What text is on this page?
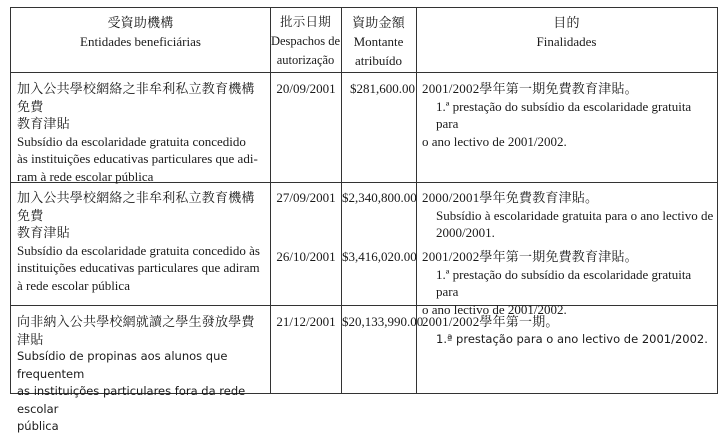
受資助機構
Entidades beneficiárias
批示日期
Despachos de
autorização
資助金額
Montante
atribuído
目的
Finalidades
加入公共學校網絡之非牟利私立教育機構免費
教育津貼
Subsídio da escolaridade gratuita concedido
às instituições educativas particulares que adi-
ram à rede escolar pública
20/09/2001	$281,600.00 2001/2002學年第一期免費教育津貼。
1.ª prestação do subsídio da escolaridade gratuita para
o ano lectivo de 2001/2002.
加入公共學校網絡之非牟利私立教育機構免費
教育津貼
Subsídio da escolaridade gratuita concedido às
instituições educativas particulares que adiram
à rede escolar pública
27/09/2001 $2,340,800.00 2000/2001學年免費教育津貼。
Subsídio à escolaridade gratuita para o ano lectivo de
2000/2001.
26/10/2001 $3,416,020.00 2001/2002學年第一期免費教育津貼。
1.ª prestação do subsídio da escolaridade gratuita para
o ano lectivo de 2001/2002.
向非納入公共學校網就讀之學生發放學費津貼
Subsídio de propinas aos alunos que frequentem
as instituições particulares fora da rede escolar
pública
21/12/2001 $20,133,990.00
2001/2002學年第一期。
1.ª prestação para o ano lectivo de 2001/2002.
